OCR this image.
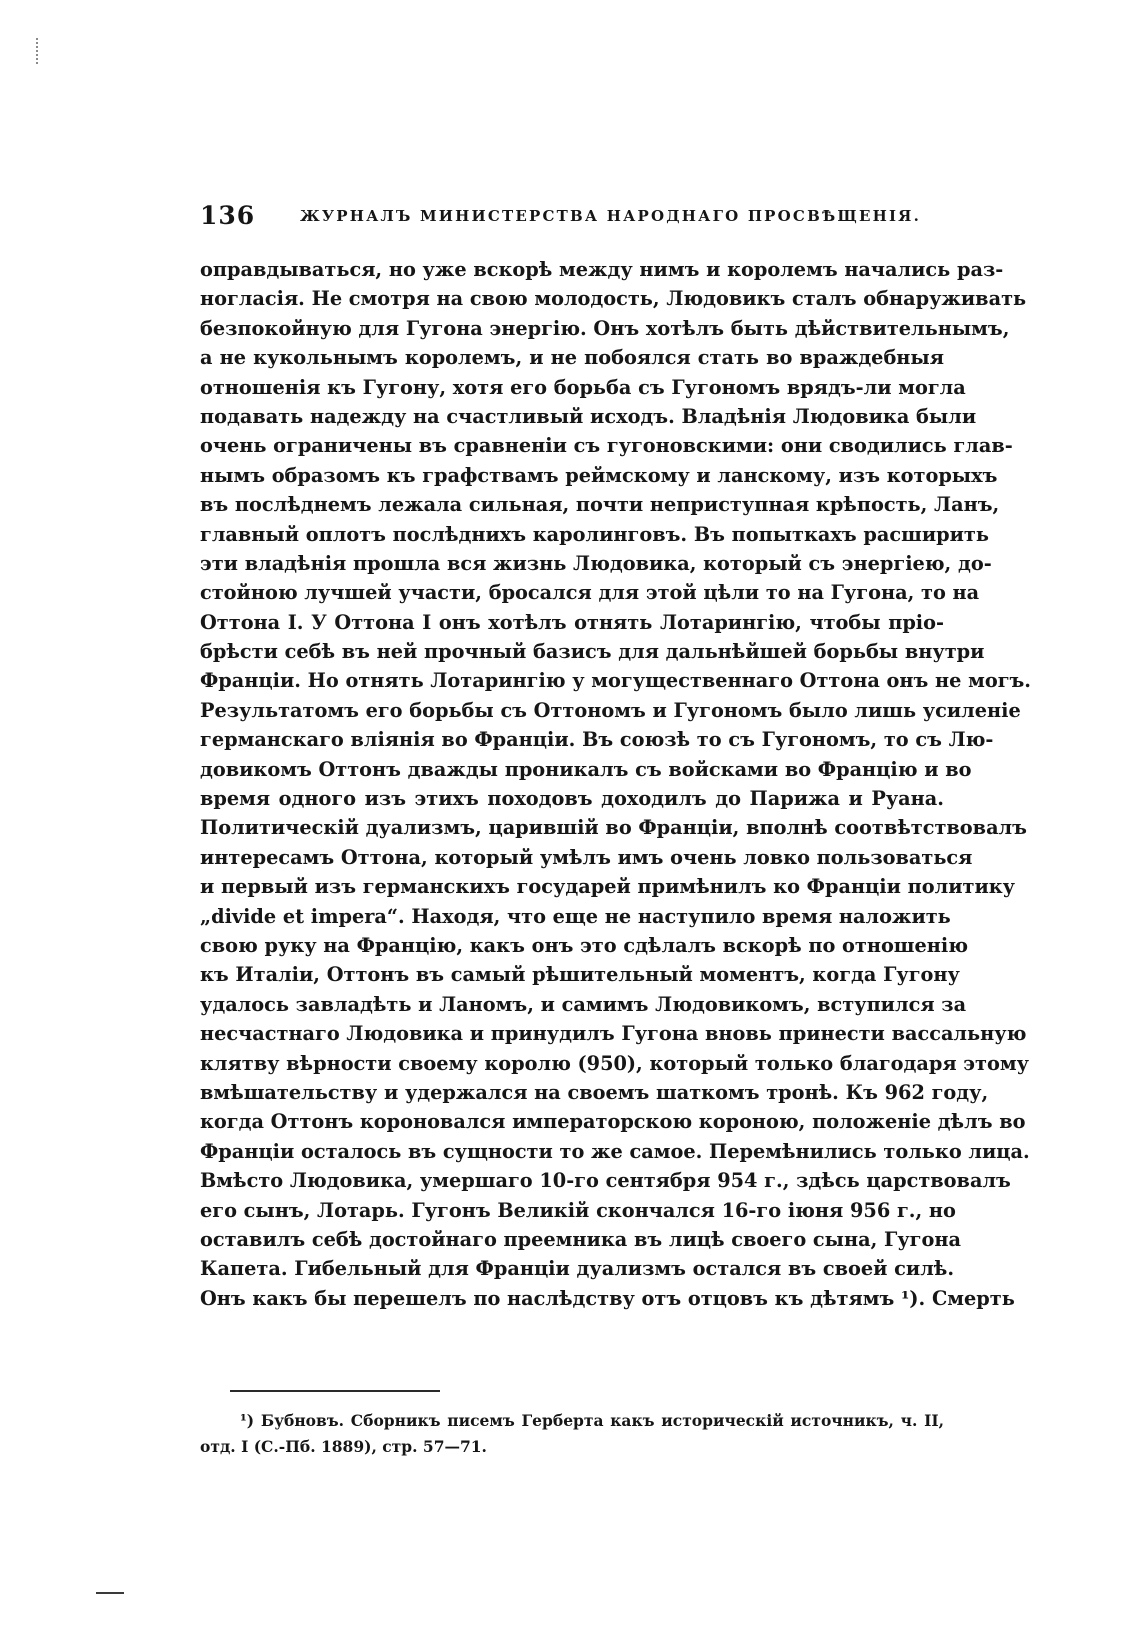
136	ЖУРНАЛЪ МИНИСТЕРСТВА НАРОДНАГО ПРОСВѢЩЕНІЯ.
оправдываться, но уже вскорѣ между нимъ и королемъ начались раз-
ногласія. Не смотря на свою молодость, Людовикъ сталъ обнаруживать
безпокойную для Гугона энергію. Онъ хотѣлъ быть дѣйствительнымъ,
а не кукольнымъ королемъ, и не побоялся стать во враждебныя
отношенія къ Гугону, хотя его борьба съ Гугономъ врядъ-ли могла
подавать надежду на счастливый исходъ. Владѣнія Людовика были
очень ограничены въ сравненіи съ гугоновскими: они сводились глав-
нымъ образомъ къ графствамъ реймскому и ланскому, изъ которыхъ
въ послѣднемъ лежала сильная, почти неприступная крѣпость, Ланъ,
главный оплотъ послѣднихъ каролинговъ. Въ попыткахъ расширить
эти владѣнія прошла вся жизнь Людовика, который съ энергіею, до-
стойною лучшей участи, бросался для этой цѣли то на Гугона, то на
Оттона I. У Оттона I онъ хотѣлъ отнять Лотарингію, чтобы пріо-
брѣсти себѣ въ ней прочный базисъ для дальнѣйшей борьбы внутри
Франціи. Но отнять Лотарингію у могущественнаго Оттона онъ не могъ.
Результатомъ его борьбы съ Оттономъ и Гугономъ было лишь усиленіе
германскаго вліянія во Франціи. Въ союзѣ то съ Гугономъ, то съ Лю-
довикомъ Оттонъ дважды проникалъ съ войсками во Францію и во
время одного изъ этихъ походовъ доходилъ до Парижа и Руана.
Политическій дуализмъ, царившій во Франціи, вполнѣ соотвѣтствовалъ
интересамъ Оттона, который умѣлъ имъ очень ловко пользоваться
и первый изъ германскихъ государей примѣнилъ ко Франціи политику
„divide et impera“. Находя, что еще не наступило время наложить
свою руку на Францію, какъ онъ это сдѣлалъ вскорѣ по отношенію
къ Италіи, Оттонъ въ самый рѣшительный моментъ, когда Гугону
удалось завладѣть и Ланомъ, и самимъ Людовикомъ, вступился за
несчастнаго Людовика и принудилъ Гугона вновь принести вассальную
клятву вѣрности своему королю (950), который только благодаря этому
вмѣшательству и удержался на своемъ шаткомъ тронѣ. Къ 962 году,
когда Оттонъ короновался императорскою короною, положеніе дѣлъ во
Франціи осталось въ сущности то же самое. Перемѣнились только лица.
Вмѣсто Людовика, умершаго 10-го сентября 954 г., здѣсь царствовалъ
его сынъ, Лотарь. Гугонъ Великій скончался 16-го іюня 956 г., но
оставилъ себѣ достойнаго преемника въ лицѣ своего сына, Гугона
Капета. Гибельный для Франціи дуализмъ остался въ своей силѣ.
Онъ какъ бы перешелъ по наслѣдству отъ отцовъ къ дѣтямъ ¹). Смерть
¹) Бубновъ. Сборникъ писемъ Герберта какъ историческій источникъ, ч. II,
отд. I (С.-Пб. 1889), стр. 57—71.
